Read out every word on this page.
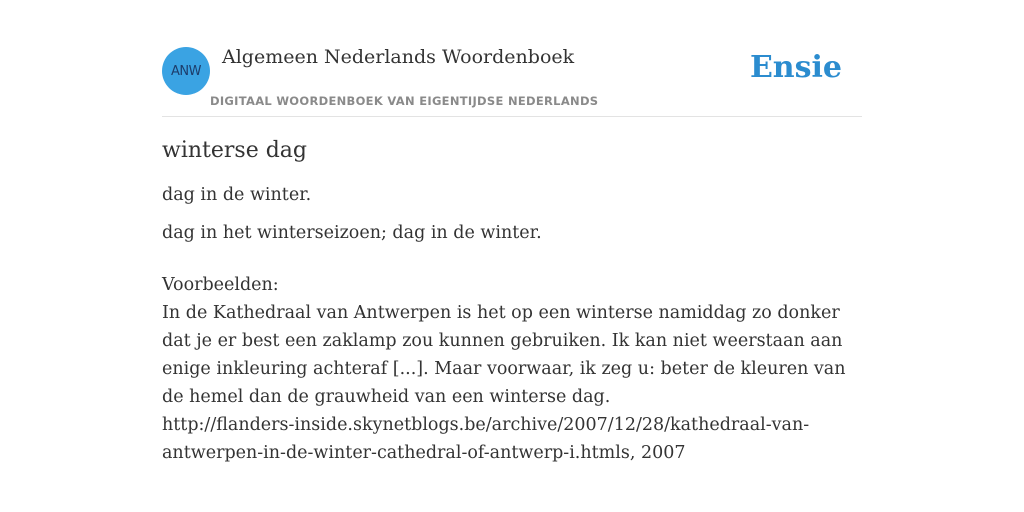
ANW
Algemeen Nederlands Woordenboek
DIGITAAL WOORDENBOEK VAN EIGENTIJDSE NEDERLANDS
Ensie
winterse dag

dag in de winter.

dag in het winterseizoen; dag in de winter.

Voorbeelden:
In de Kathedraal van Antwerpen is het op een winterse namiddag zo donker dat je er best een zaklamp zou kunnen gebruiken. Ik kan niet weerstaan aan enige inkleuring achteraf [...]. Maar voorwaar, ik zeg u: beter de kleuren van de hemel dan de grauwheid van een winterse dag.
http://flanders-inside.skynetblogs.be/archive/2007/12/28/kathedraal-van-antwerpen-in-de-winter-cathedral-of-antwerp-i.htmls, 2007
